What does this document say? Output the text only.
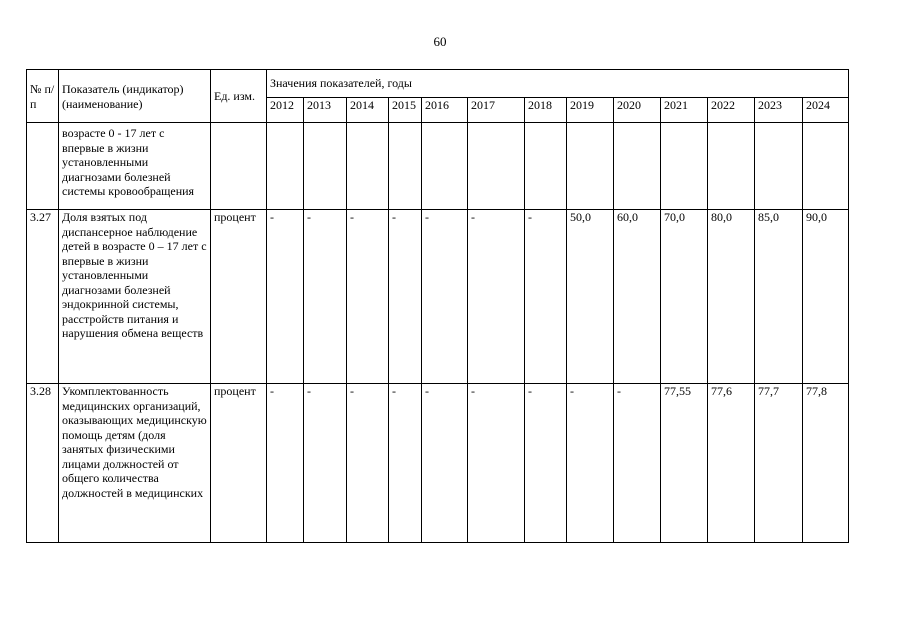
60
№ п/п	Показатель (индикатор) (наименование)	Ед. изм.	Значения показателей, годы												
			2012	2013	2014	2015	2016	2017	2018	2019	2020	2021	2022	2023	2024
	возрасте 0 - 17 лет с впервые в жизни установленными диагнозами болезней системы кровообращения														
3.27	Доля взятых под диспансерное наблюдение детей в возрасте 0 – 17 лет с впервые в жизни установленными диагнозами болезней эндокринной системы, расстройств питания и нарушения обмена веществ	процент	-	-	-	-	-	-	-	50,0	60,0	70,0	80,0	85,0	90,0
3.28	Укомплектованность медицинских организаций, оказывающих медицинскую помощь детям (доля занятых физическими лицами должностей от общего количества должностей в медицинских	процент	-	-	-	-	-	-	-	-	-	77,55	77,6	77,7	77,8
